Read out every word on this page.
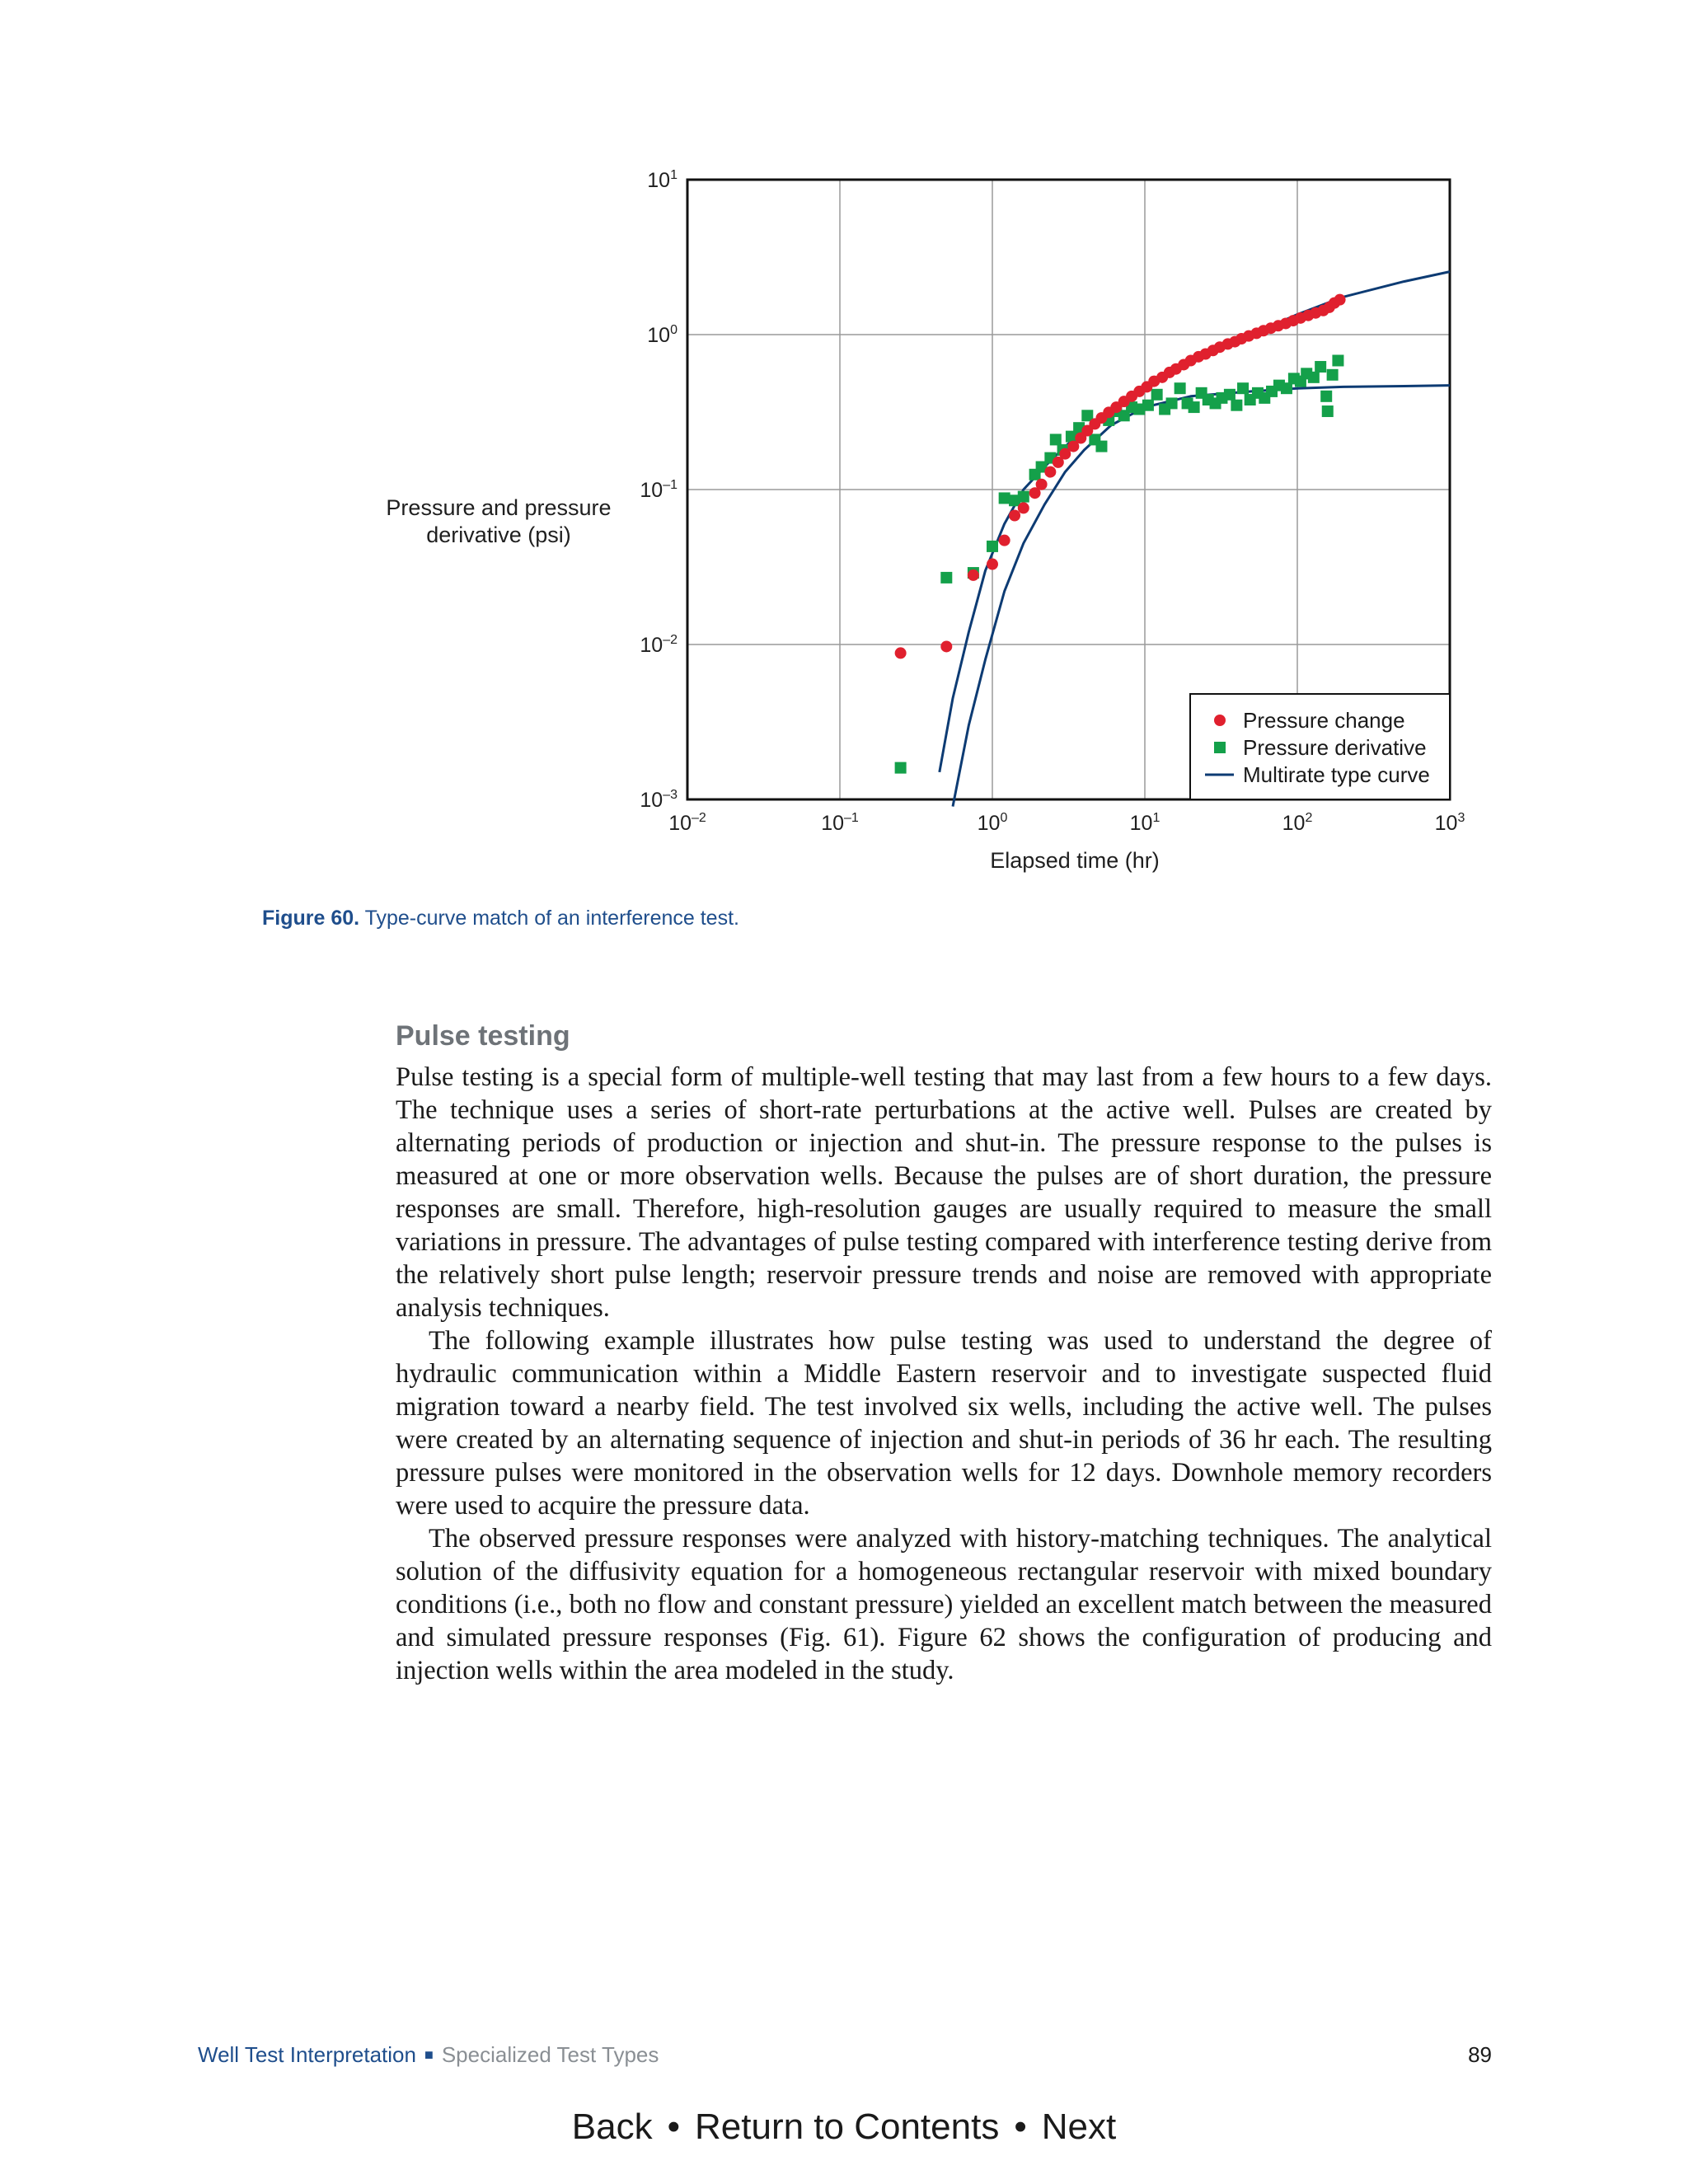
$10^{-2}$	$10^{-1}$	$10^0$	$10^1$	$10^2$	$10^3$
$10^1$
$10^0$
$10^{-1}$
$10^{-2}$
$10^{-3}$
Elapsed time (hr)
Pressure change
Pressure derivative
Multirate type curve
Pressure and pressure derivative (psi)
Figure 60. Type-curve match of an interference test.
Pulse testing

Pulse testing is a special form of multiple-well testing that may last from a few hours to a few days. The technique uses a series of short-rate perturbations at the active well. Pulses are created by alternating periods of production or injection and shut-in. The pressure response to the pulses is measured at one or more observation wells. Because the pulses are of short duration, the pressure responses are small. Therefore, high-resolution gauges are usually required to measure the small variations in pressure. The advantages of pulse testing compared with interference testing derive from the relatively short pulse length; reservoir pressure trends and noise are removed with appropriate analysis techniques.

The following example illustrates how pulse testing was used to understand the degree of hydraulic communication within a Middle Eastern reservoir and to investigate suspected fluid migration toward a nearby field. The test involved six wells, including the active well. The pulses were created by an alternating sequence of injection and shut-in periods of 36 hr each. The resulting pressure pulses were monitored in the observation wells for 12 days. Downhole memory recorders were used to acquire the pressure data.

The observed pressure responses were analyzed with history-matching techniques. The analytical solution of the diffusivity equation for a homogeneous rectangular reservoir with mixed boundary conditions (i.e., both no flow and constant pressure) yielded an excellent match between the measured and simulated pressure responses (Fig. 61). Figure 62 shows the configuration of producing and injection wells within the area modeled in the study.

Well Test Interpretation ■ Specialized Test Types	89
Back • Return to Contents • Next
